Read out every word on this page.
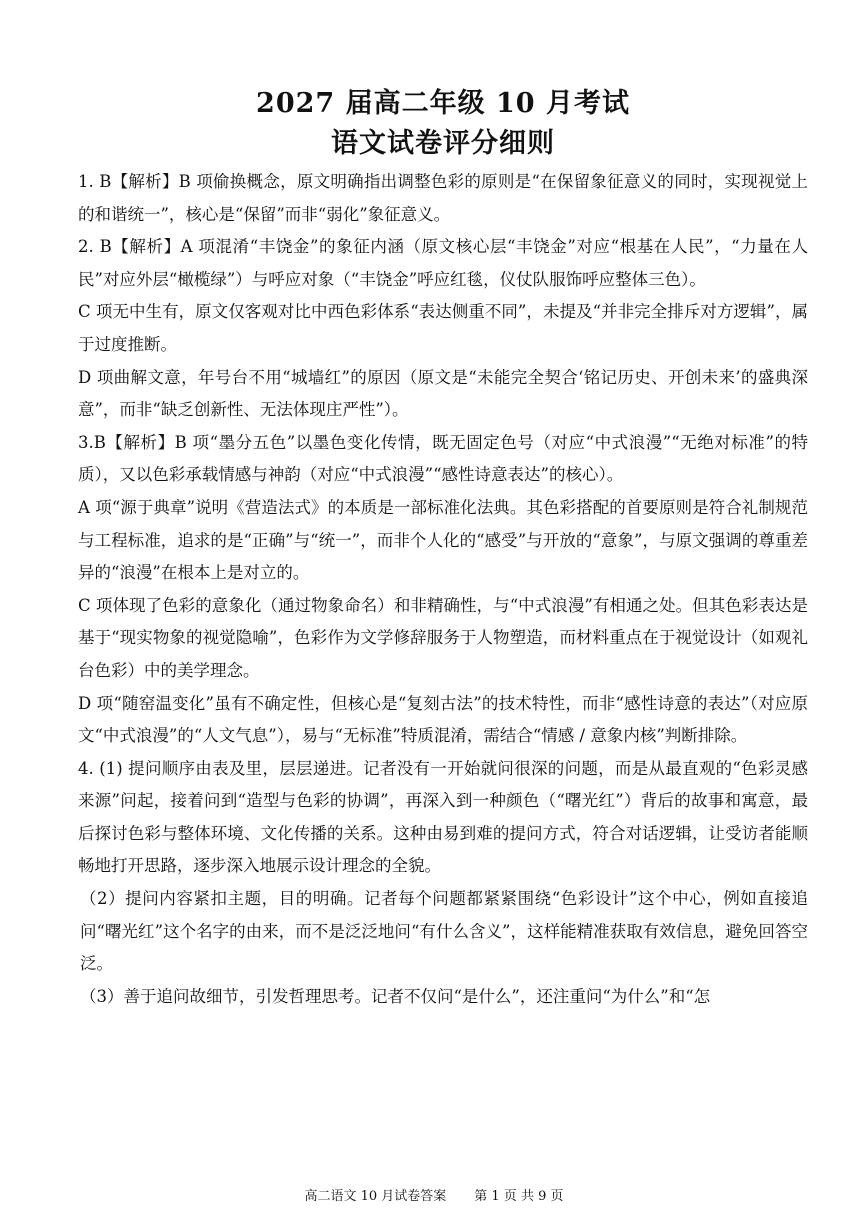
2027 届高二年级 10 月考试
语文试卷评分细则

1. B【解析】B 项偷换概念，原文明确指出调整色彩的原则是“在保留象征意义的同时，实现视觉上的和谐统一”，核心是“保留”而非“弱化”象征意义。

2. B【解析】A 项混淆“丰饶金”的象征内涵（原文核心层“丰饶金”对应“根基在人民”，“力量在人民”对应外层“橄榄绿”）与呼应对象（“丰饶金”呼应红毯，仪仗队服饰呼应整体三色）。

C 项无中生有，原文仅客观对比中西色彩体系“表达侧重不同”，未提及“并非完全排斥对方逻辑”，属于过度推断。

D 项曲解文意，年号台不用“城墙红”的原因（原文是“未能完全契合‘铭记历史、开创未来’的盛典深意”，而非“缺乏创新性、无法体现庄严性”）。

3.B【解析】B 项“墨分五色”以墨色变化传情，既无固定色号（对应“中式浪漫”“无绝对标准”的特质），又以色彩承载情感与神韵（对应“中式浪漫”“感性诗意表达”的核心）。

A 项“源于典章”说明《营造法式》的本质是一部标准化法典。其色彩搭配的首要原则是符合礼制规范与工程标准，追求的是“正确”与“统一”，而非个人化的“感受”与开放的“意象”，与原文强调的尊重差异的“浪漫”在根本上是对立的。

C 项体现了色彩的意象化（通过物象命名）和非精确性，与“中式浪漫”有相通之处。但其色彩表达是基于“现实物象的视觉隐喻”，色彩作为文学修辞服务于人物塑造，而材料重点在于视觉设计（如观礼台色彩）中的美学理念。

D 项“随窑温变化”虽有不确定性，但核心是“复刻古法”的技术特性，而非“感性诗意的表达”（对应原文“中式浪漫”的“人文气息”），易与“无标准”特质混淆，需结合“情感 / 意象内核”判断排除。

4. (1) 提问顺序由表及里，层层递进。记者没有一开始就问很深的问题，而是从最直观的“色彩灵感来源”问起，接着问到“造型与色彩的协调”，再深入到一种颜色（“曙光红”）背后的故事和寓意，最后探讨色彩与整体环境、文化传播的关系。这种由易到难的提问方式，符合对话逻辑，让受访者能顺畅地打开思路，逐步深入地展示设计理念的全貌。

（2）提问内容紧扣主题，目的明确。记者每个问题都紧紧围绕“色彩设计”这个中心，例如直接追问“曙光红”这个名字的由来，而不是泛泛地问“有什么含义”，这样能精准获取有效信息，避免回答空泛。

（3）善于追问故细节，引发哲理思考。记者不仅问“是什么”，还注重问“为什么”和“怎

高二语文 10 月试卷答案 第 1 页 共 9 页
